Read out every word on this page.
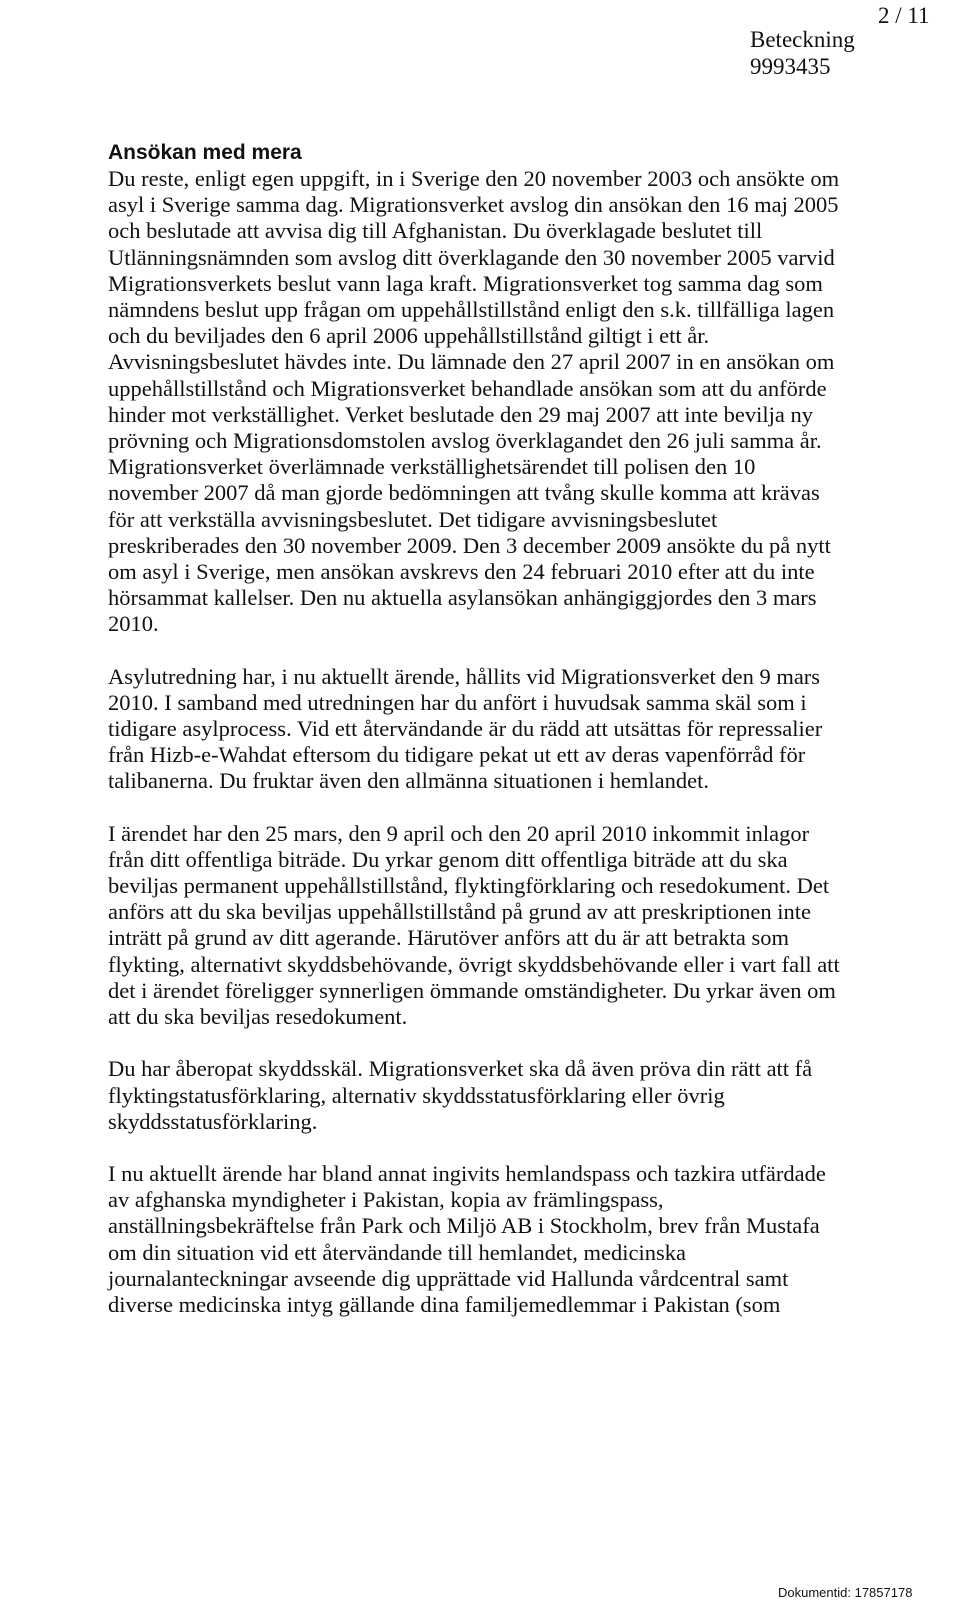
2 / 11
Beteckning
9993435
Ansökan med mera

Du reste, enligt egen uppgift, in i Sverige den 20 november 2003 och ansökte om asyl i Sverige samma dag. Migrationsverket avslog din ansökan den 16 maj 2005 och beslutade att avvisa dig till Afghanistan. Du överklagade beslutet till Utlänningsnämnden som avslog ditt överklagande den 30 november 2005 varvid Migrationsverkets beslut vann laga kraft. Migrationsverket tog samma dag som nämndens beslut upp frågan om uppehållstillstånd enligt den s.k. tillfälliga lagen och du beviljades den 6 april 2006 uppehållstillstånd giltigt i ett år. Avvisningsbeslutet hävdes inte. Du lämnade den 27 april 2007 in en ansökan om uppehållstillstånd och Migrationsverket behandlade ansökan som att du anförde hinder mot verkställighet. Verket beslutade den 29 maj 2007 att inte bevilja ny prövning och Migrationsdomstolen avslog överklagandet den 26 juli samma år. Migrationsverket överlämnade verkställighetsärendet till polisen den 10 november 2007 då man gjorde bedömningen att tvång skulle komma att krävas för att verkställa avvisningsbeslutet. Det tidigare avvisningsbeslutet preskriberades den 30 november 2009. Den 3 december 2009 ansökte du på nytt om asyl i Sverige, men ansökan avskrevs den 24 februari 2010 efter att du inte hörsammat kallelser. Den nu aktuella asylansökan anhängiggjordes den 3 mars 2010.

Asylutredning har, i nu aktuellt ärende, hållits vid Migrationsverket den 9 mars 2010. I samband med utredningen har du anfört i huvudsak samma skäl som i tidigare asylprocess. Vid ett återvändande är du rädd att utsättas för repressalier från Hizb-e-Wahdat eftersom du tidigare pekat ut ett av deras vapenförråd för talibanerna. Du fruktar även den allmänna situationen i hemlandet.

I ärendet har den 25 mars, den 9 april och den 20 april 2010 inkommit inlagor från ditt offentliga biträde. Du yrkar genom ditt offentliga biträde att du ska beviljas permanent uppehållstillstånd, flyktingförklaring och resedokument. Det anförs att du ska beviljas uppehållstillstånd på grund av att preskriptionen inte inträtt på grund av ditt agerande. Härutöver anförs att du är att betrakta som flykting, alternativt skyddsbehövande, övrigt skyddsbehövande eller i vart fall att det i ärendet föreligger synnerligen ömmande omständigheter. Du yrkar även om att du ska beviljas resedokument.

Du har åberopat skyddsskäl. Migrationsverket ska då även pröva din rätt att få flyktingstatusförklaring, alternativ skyddsstatusförklaring eller övrig skyddsstatusförklaring.

I nu aktuellt ärende har bland annat ingivits hemlandspass och tazkira utfärdade av afghanska myndigheter i Pakistan, kopia av främlingspass, anställningsbekräftelse från Park och Miljö AB i Stockholm, brev från Mustafa om din situation vid ett återvändande till hemlandet, medicinska journalanteckningar avseende dig upprättade vid Hallunda vårdcentral samt diverse medicinska intyg gällande dina familjemedlemmar i Pakistan (som

Dokumentid: 17857178
